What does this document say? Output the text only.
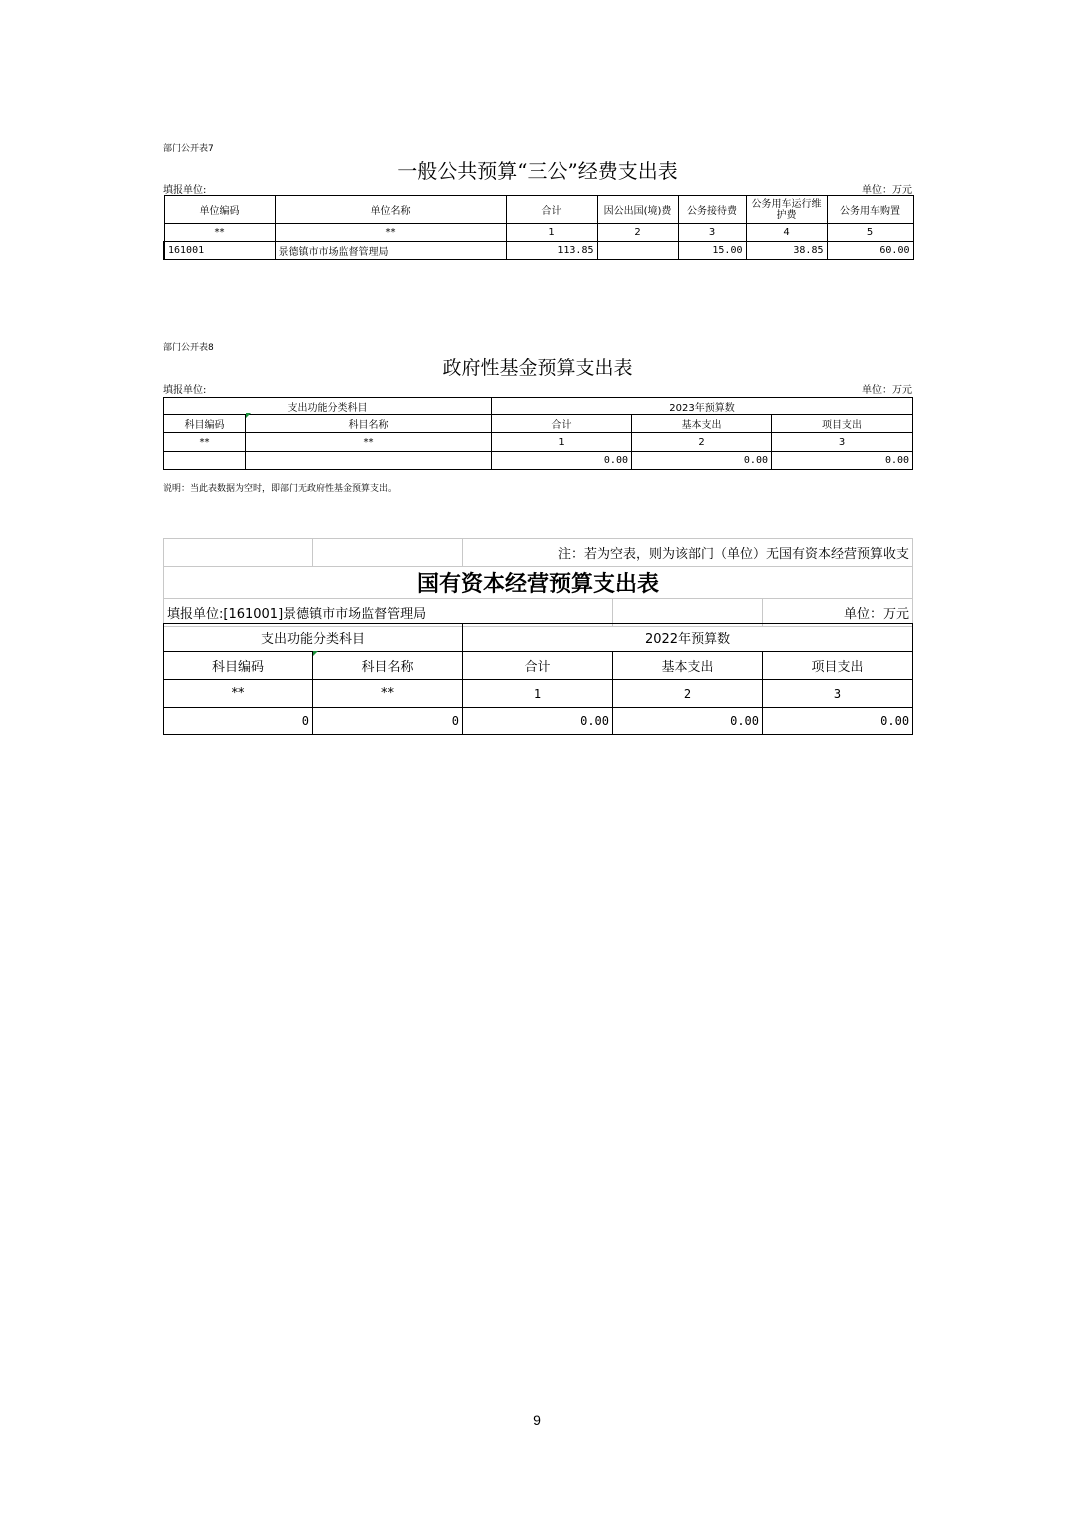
部门公开表7
一般公共预算“三公”经费支出表
填报单位:	单位：万元
单位编码	单位名称	合计	因公出国(境)费	公务接待费	公务用车运行维护费	公务用车购置
**	**	1	2	3	4	5
161001	景德镇市市场监督管理局	113.85		15.00	38.85	60.00
部门公开表8
政府性基金预算支出表
填报单位:	单位：万元
支出功能分类科目		2023年预算数		
科目编码	科目名称	合计	基本支出	项目支出
**	**	1	2	3
		0.00	0.00	0.00
说明：当此表数据为空时，即部门无政府性基金预算支出。
		注：若为空表，则为该部门（单位）无国有资本经营预算收支		
国有资本经营预算支出表				
填报单位:[161001]景德镇市市场监督管理局				单位：万元
支出功能分类科目		2022年预算数		
科目编码	科目名称	合计	基本支出	项目支出
**	**	1	2	3
0	0	0.00	0.00	0.00
9
